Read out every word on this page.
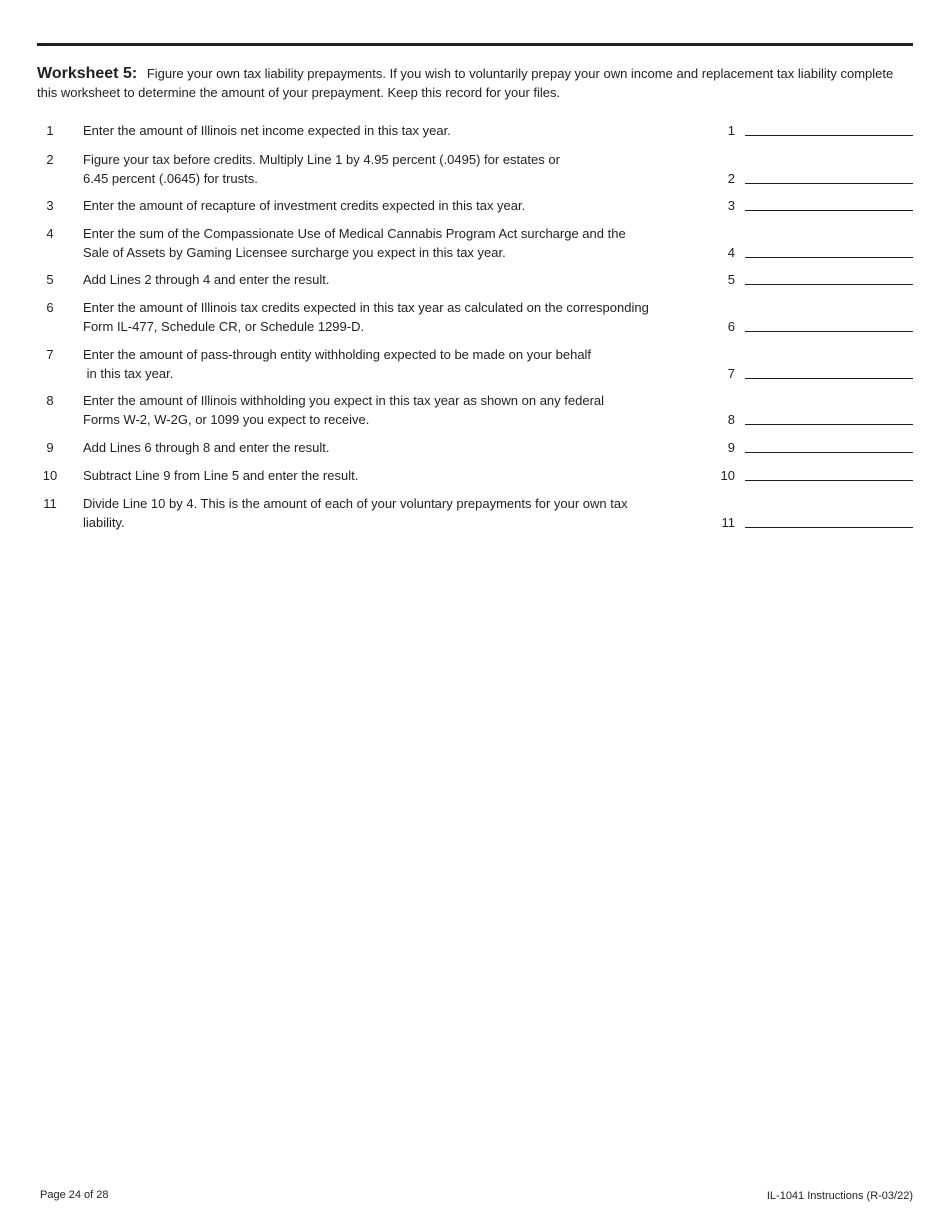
Worksheet 5: Figure your own tax liability prepayments. If you wish to voluntarily prepay your own income and replacement tax liability complete this worksheet to determine the amount of your prepayment. Keep this record for your files.
1	Enter the amount of Illinois net income expected in this tax year.	1
2	Figure your tax before credits. Multiply Line 1 by 4.95 percent (.0495) for estates or
6.45 percent (.0645) for trusts.	2
3	Enter the amount of recapture of investment credits expected in this tax year.	3
4	Enter the sum of the Compassionate Use of Medical Cannabis Program Act surcharge and the
Sale of Assets by Gaming Licensee surcharge you expect in this tax year.	4
5	Add Lines 2 through 4 and enter the result.	5
6	Enter the amount of Illinois tax credits expected in this tax year as calculated on the corresponding
Form IL-477, Schedule CR, or Schedule 1299-D.	6
7	Enter the amount of pass-through entity withholding expected to be made on your behalf
in this tax year.	7
8	Enter the amount of Illinois withholding you expect in this tax year as shown on any federal
Forms W-2, W-2G, or 1099 you expect to receive.	8
9	Add Lines 6 through 8 and enter the result.	9
10	Subtract Line 9 from Line 5 and enter the result.	10
11	Divide Line 10 by 4. This is the amount of each of your voluntary prepayments for your own tax
liability.	11
Page 24 of 28	IL-1041 Instructions (R-03/22)
